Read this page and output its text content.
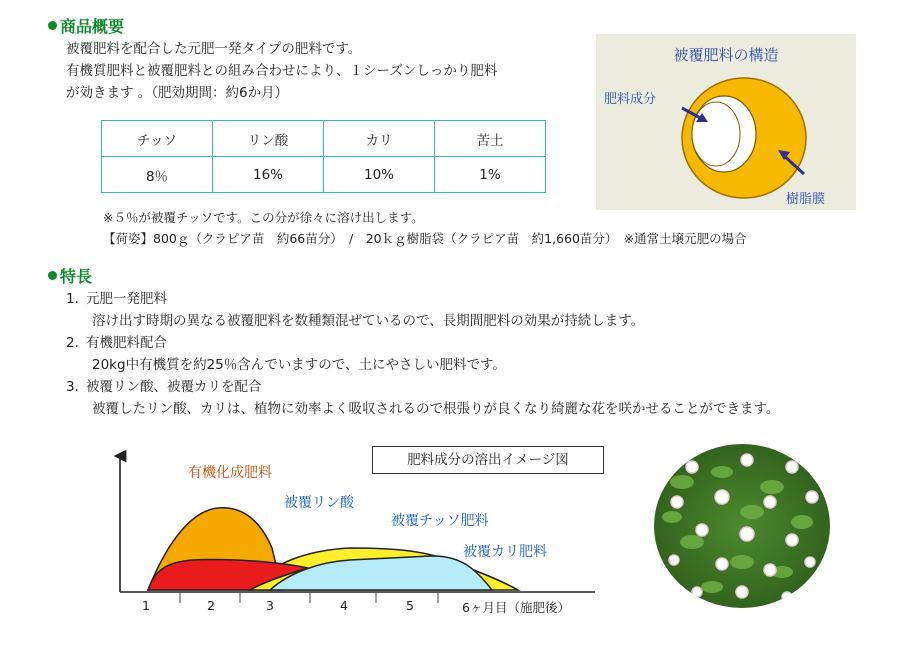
商品概要
被覆肥料を配合した元肥一発タイプの肥料です。
有機質肥料と被覆肥料との組み合わせにより、１シーズンしっかり肥料
が効きます 。（肥効期間：約6か月）
チッソ	リン酸	カリ	苦土
8％	16%	10%	1%
※５％が被覆チッソです。この分が徐々に溶け出します。
【荷姿】800ｇ（クラピア苗　約66苗分）　/　20ｋｇ樹脂袋（クラピア苗　約1,660苗分）　※通常土壌元肥の場合
被覆肥料の構造
肥料成分
樹脂膜
特長
1．元肥一発肥料
溶け出す時期の異なる被覆肥料を数種類混ぜているので、長期間肥料の効果が持続します。
2．有機肥料配合
20kg中有機質を約25％含んでいますので、土にやさしい肥料です。
3．被覆リン酸、被覆カリを配合
被覆したリン酸、カリは、植物に効率よく吸収されるので根張りが良くなり綺麗な花を咲かせることができます。
肥料成分の溶出イメージ図
有機化成肥料
被覆リン酸
被覆チッソ肥料
被覆カリ肥料
1	2	3	4	5	6ヶ月目（施肥後）
